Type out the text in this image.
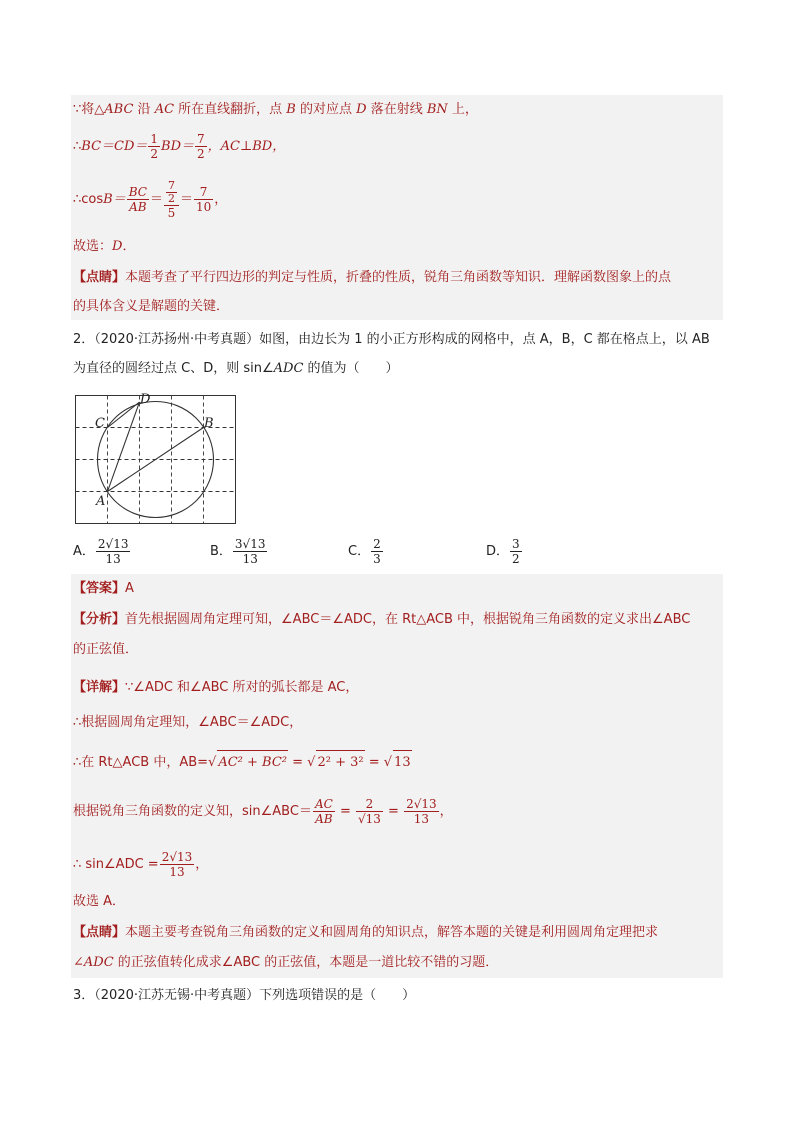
∵将△ABC 沿 AC 所在直线翻折，点 B 的对应点 D 落在射线 BN 上，
∴BC＝CD＝ $\frac{1}{2} BD= \frac{7}{2}$ ，AC⊥BD，
∴cosB＝ $\frac{BC}{AB} = \frac{\frac{7}{2}}{5} = \frac{7}{10}$ ，
故选：D．
【点睛】本题考查了平行四边形的判定与性质，折叠的性质，锐角三角函数等知识．理解函数图象上的点
的具体含义是解题的关键．
2．（2020·江苏扬州·中考真题）如图，由边长为 1 的小正方形构成的网格中，点 A，B，C 都在格点上，以 AB
为直径的圆经过点 C、D，则 sin∠ADC 的值为（　　）
A
B
C
D
A． $\frac{2√13}{13}$	B． $\frac{3√13}{13}$	C． $\frac{2}{3}$	D． $\frac{3}{2}$
【答案】A
【分析】首先根据圆周角定理可知，∠ABC＝∠ADC，在 Rt△ACB 中，根据锐角三角函数的定义求出∠ABC
的正弦值．
【详解】∵∠ADC 和∠ABC 所对的弧长都是 AC，
∴根据圆周角定理知，∠ABC＝∠ADC，
∴在 Rt△ACB 中，AB=√ AC² + BC² = √ 2² + 3² = √ 13
根据锐角三角函数的定义知，sin∠ABC＝ $\frac{AC}{AB} = \frac{2}{√13} = \frac{2√13}{13}$ ，
∴ sin∠ADC = $\frac{2√13}{13}$ ，
故选 A．
【点睛】本题主要考查锐角三角函数的定义和圆周角的知识点，解答本题的关键是利用圆周角定理把求
∠ADC 的正弦值转化成求∠ABC 的正弦值，本题是一道比较不错的习题．
3．（2020·江苏无锡·中考真题）下列选项错误的是（　　）
